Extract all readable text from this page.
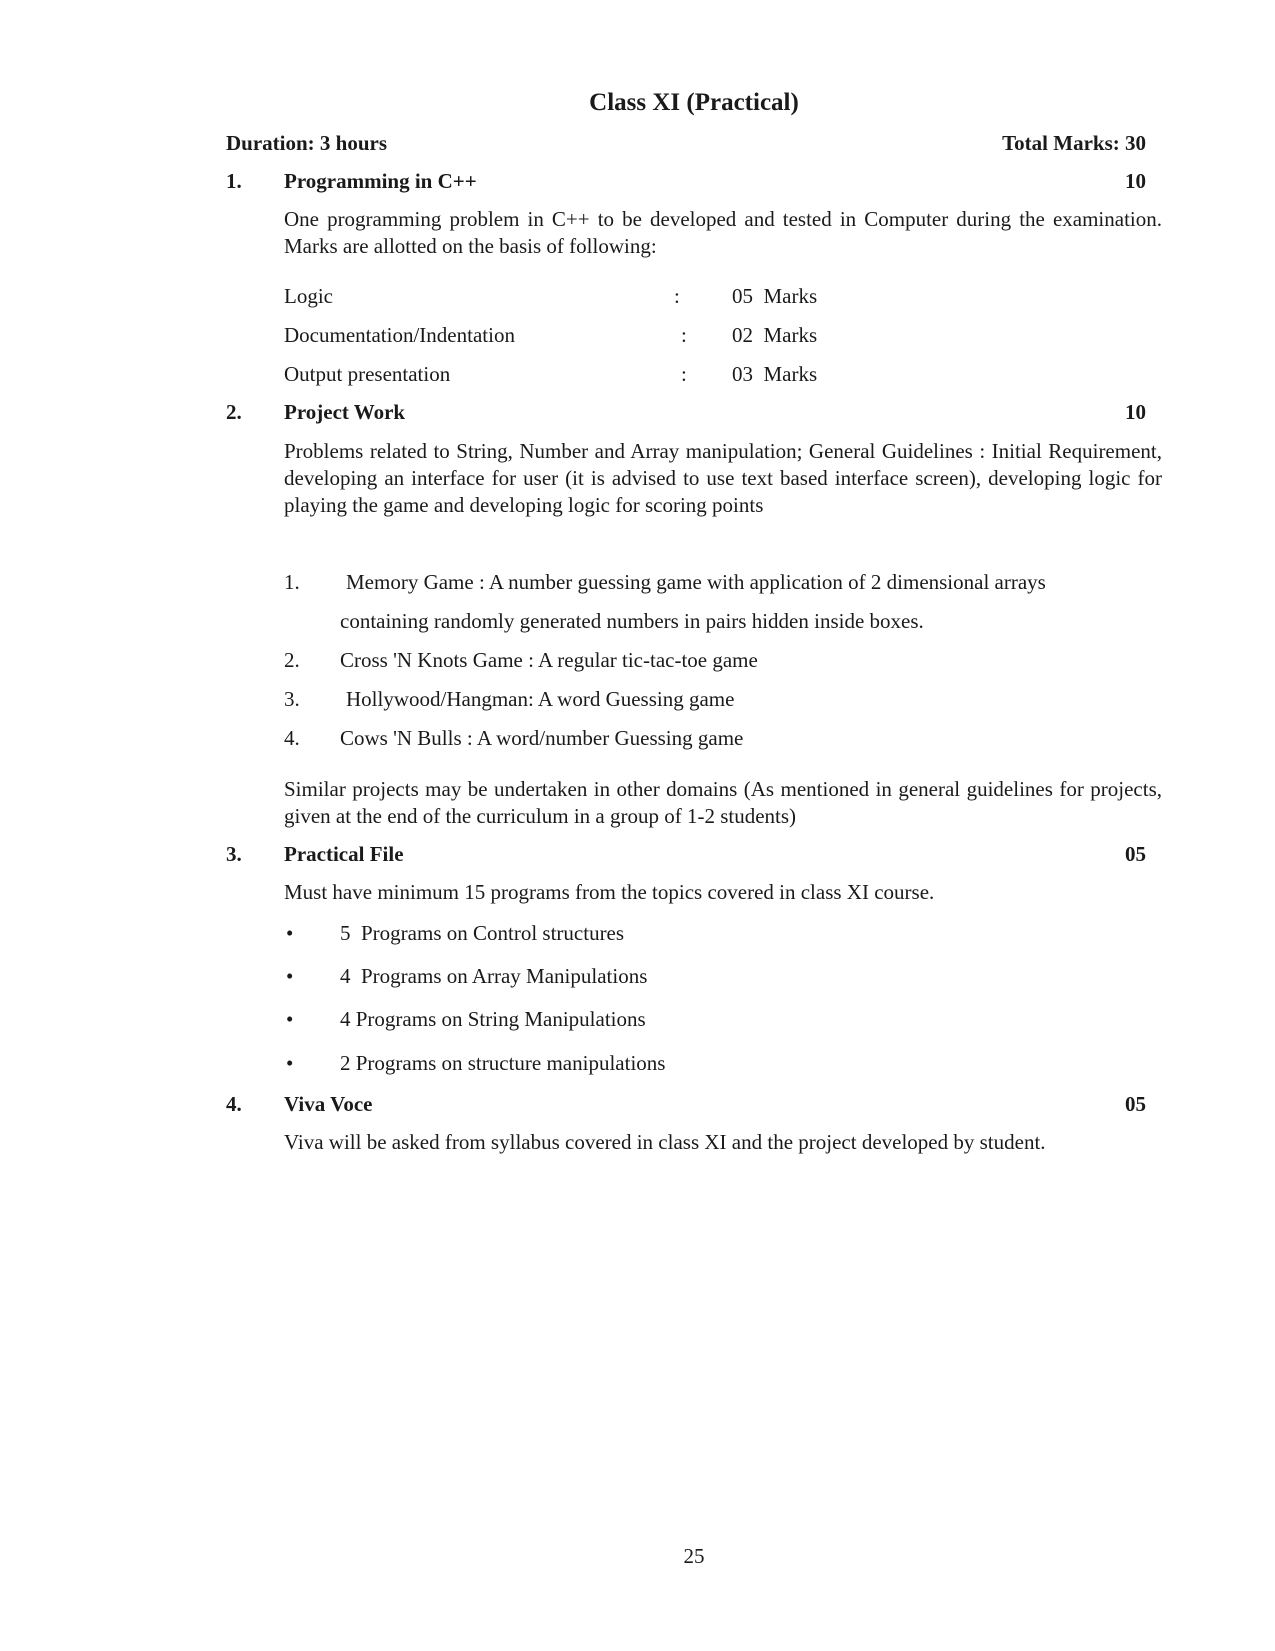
Class XI (Practical)
Duration: 3 hours	Total Marks: 30
1. Programming in C++	10
One programming problem in C++ to be developed and tested in Computer during the examination. Marks are allotted on the basis of following:
Logic	: 05  Marks
Documentation/Indentation	: 02  Marks
Output presentation	: 03  Marks
2. Project Work	10
Problems related to String, Number and Array manipulation; General Guidelines : Initial Requirement, developing an interface for user (it is advised to use text based interface screen), developing logic for playing the game and developing logic for scoring points
1. Memory Game : A number guessing game with application of 2 dimensional arrays
containing randomly generated numbers in pairs hidden inside boxes.
2. Cross 'N Knots Game : A regular tic-tac-toe game
3. Hollywood/Hangman: A word Guessing game
4. Cows 'N Bulls : A word/number Guessing game
Similar projects may be undertaken in other domains (As mentioned in general guidelines for projects, given at the end of the curriculum in a group of 1-2 students)
3. Practical File	05
Must have minimum 15 programs from the topics covered in class XI course.
• 5  Programs on Control structures
• 4  Programs on Array Manipulations
• 4 Programs on String Manipulations
• 2 Programs on structure manipulations
4. Viva Voce	05
Viva will be asked from syllabus covered in class XI and the project developed by student.
25
